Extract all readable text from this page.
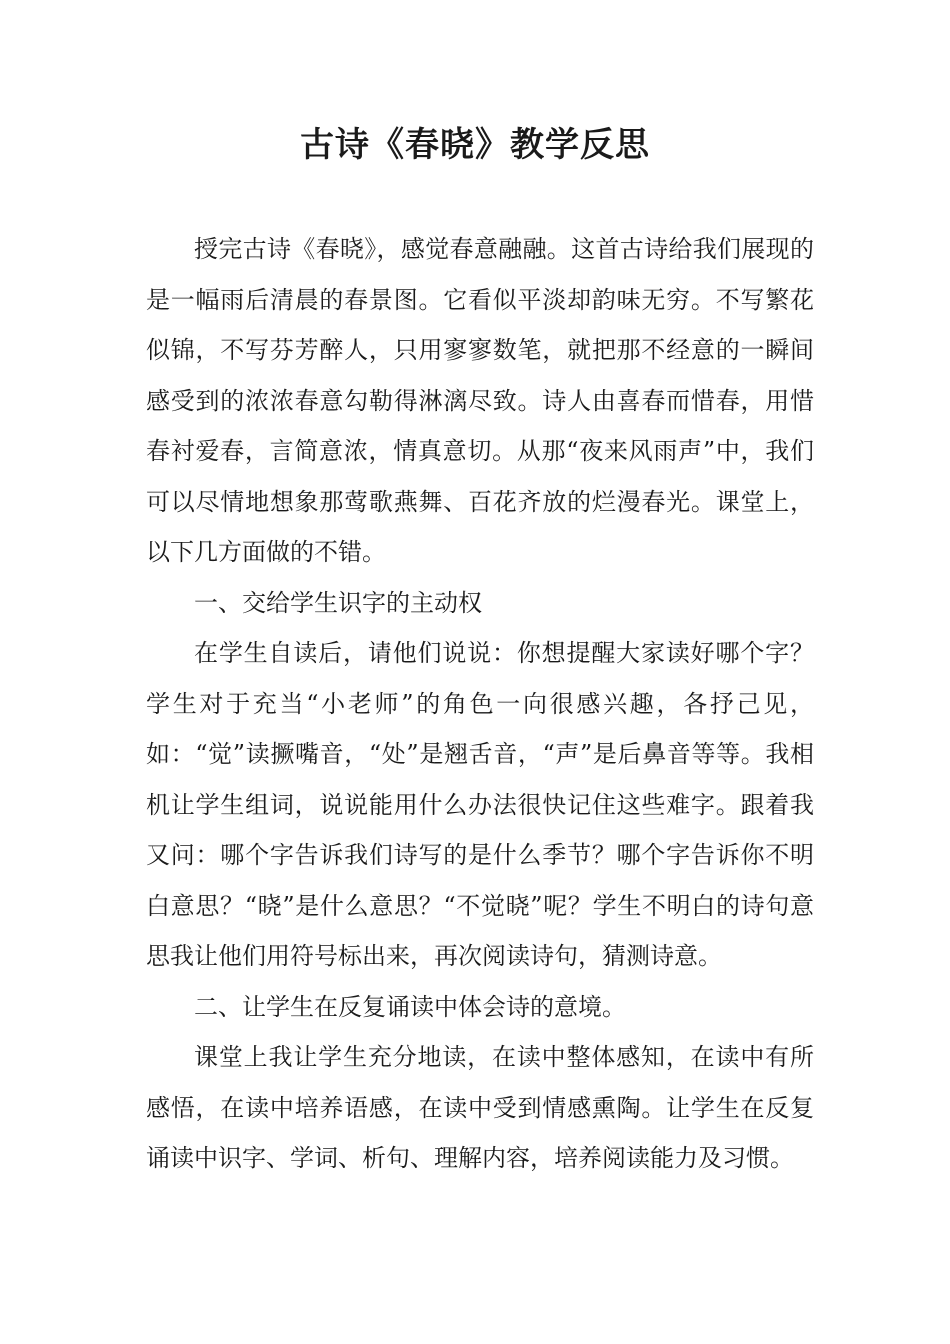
古诗《春晓》教学反思

授完古诗《春晓》，感觉春意融融。这首古诗给我们展现的是一幅雨后清晨的春景图。它看似平淡却韵味无穷。不写繁花似锦，不写芬芳醉人，只用寥寥数笔，就把那不经意的一瞬间感受到的浓浓春意勾勒得淋漓尽致。诗人由喜春而惜春，用惜春衬爱春，言简意浓，情真意切。从那“夜来风雨声”中，我们可以尽情地想象那莺歌燕舞、百花齐放的烂漫春光。课堂上，以下几方面做的不错。

一、交给学生识字的主动权

在学生自读后，请他们说说：你想提醒大家读好哪个字？学生对于充当“小老师”的角色一向很感兴趣，各抒己见，如：“觉”读撅嘴音，“处”是翘舌音，“声”是后鼻音等等。我相机让学生组词，说说能用什么办法很快记住这些难字。跟着我又问：哪个字告诉我们诗写的是什么季节？哪个字告诉你不明白意思？“晓”是什么意思？“不觉晓”呢？学生不明白的诗句意思我让他们用符号标出来，再次阅读诗句，猜测诗意。

二、让学生在反复诵读中体会诗的意境。

课堂上我让学生充分地读，在读中整体感知，在读中有所感悟，在读中培养语感，在读中受到情感熏陶。让学生在反复诵读中识字、学词、析句、理解内容，培养阅读能力及习惯。
